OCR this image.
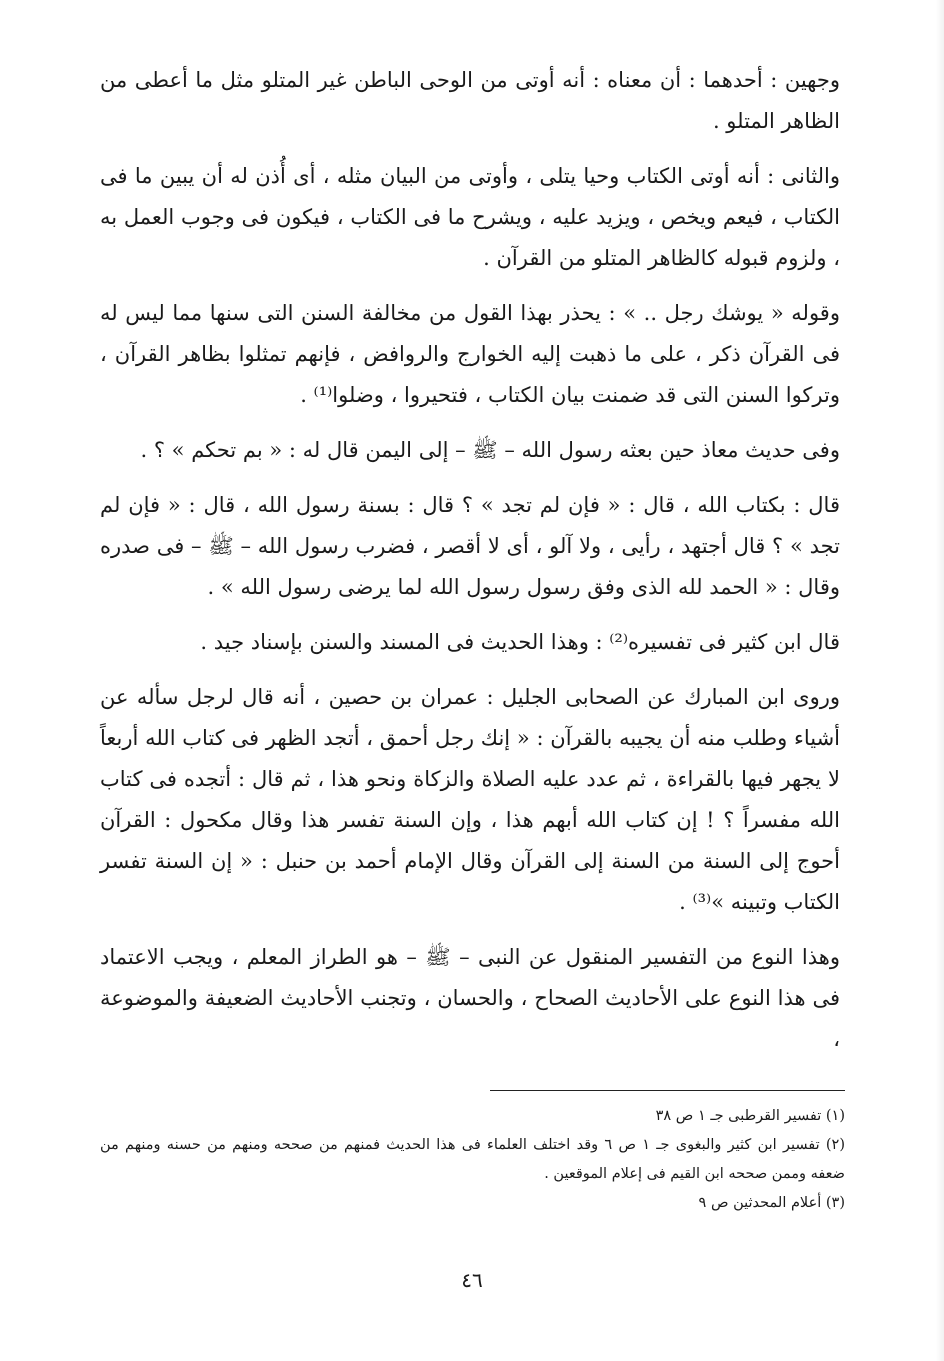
وجهين : أحدهما : أن معناه : أنه أوتى من الوحى الباطن غير المتلو مثل ما أعطى من الظاهر المتلو .

والثانى : أنه أوتى الكتاب وحيا يتلى ، وأوتى من البيان مثله ، أى أُذن له أن يبين ما فى الكتاب ، فيعم ويخص ، ويزيد عليه ، ويشرح ما فى الكتاب ، فيكون فى وجوب العمل به ، ولزوم قبوله كالظاهر المتلو من القرآن .

وقوله « يوشك رجل .. » : يحذر بهذا القول من مخالفة السنن التى سنها مما ليس له فى القرآن ذكر ، على ما ذهبت إليه الخوارج والروافض ، فإنهم تمثلوا بظاهر القرآن ، وتركوا السنن التى قد ضمنت بيان الكتاب ، فتحيروا ، وضلوا⁽¹⁾ .

وفى حديث معاذ حين بعثه رسول الله – ﷺ – إلى اليمن قال له : « بم تحكم » ؟ .

قال : بكتاب الله ، قال : « فإن لم تجد » ؟ قال : بسنة رسول الله ، قال : « فإن لم تجد » ؟ قال أجتهد ، رأيى ، ولا آلو ، أى لا أقصر ، فضرب رسول الله – ﷺ – فى صدره وقال : « الحمد لله الذى وفق رسول رسول الله لما يرضى رسول الله » .

قال ابن كثير فى تفسيره⁽²⁾ : وهذا الحديث فى المسند والسنن بإسناد جيد .

وروى ابن المبارك عن الصحابى الجليل : عمران بن حصين ، أنه قال لرجل سأله عن أشياء وطلب منه أن يجيبه بالقرآن : « إنك رجل أحمق ، أتجد الظهر فى كتاب الله أربعاً لا يجهر فيها بالقراءة ، ثم عدد عليه الصلاة والزكاة ونحو هذا ، ثم قال : أتجده فى كتاب الله مفسراً ؟ ! إن كتاب الله أبهم هذا ، وإن السنة تفسر هذا وقال مكحول : القرآن أحوج إلى السنة من السنة إلى القرآن وقال الإمام أحمد بن حنبل : « إن السنة تفسر الكتاب وتبينه »⁽³⁾ .

وهذا النوع من التفسير المنقول عن النبى – ﷺ – هو الطراز المعلم ، ويجب الاعتماد فى هذا النوع على الأحاديث الصحاح ، والحسان ، وتجنب الأحاديث الضعيفة والموضوعة ،

(١) تفسير القرطبى جـ ١ ص ٣٨

(٢) تفسير ابن كثير والبغوى جـ ١ ص ٦ وقد اختلف العلماء فى هذا الحديث فمنهم من صححه ومنهم من حسنه ومنهم من ضعفه وممن صححه ابن القيم فى إعلام الموقعين .

(٣) أعلام المحدثين ص ٩

٤٦
